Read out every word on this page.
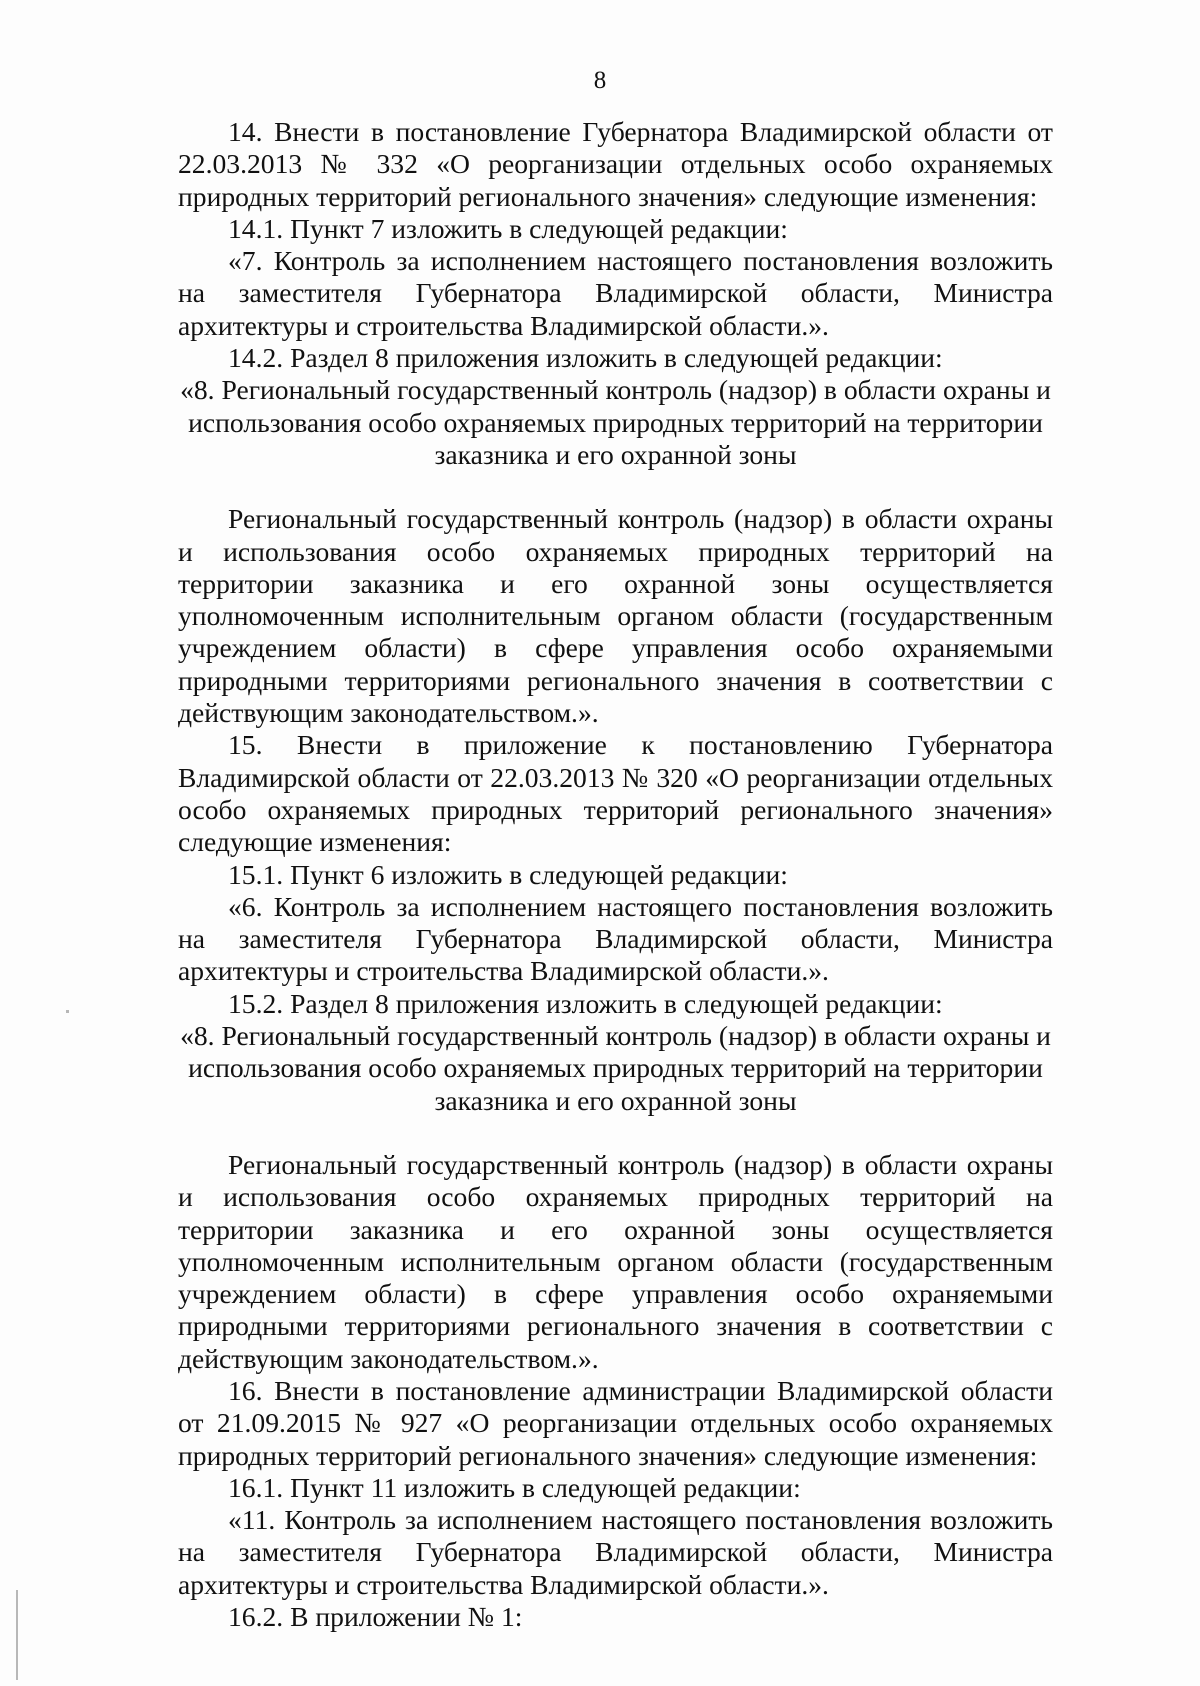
8

14. Внести в постановление Губернатора Владимирской области от 22.03.2013 № 332 «О реорганизации отдельных особо охраняемых природных территорий регионального значения» следующие изменения:

14.1. Пункт 7 изложить в следующей редакции:

«7. Контроль за исполнением настоящего постановления возложить на заместителя Губернатора Владимирской области, Министра архитектуры и строительства Владимирской области.».

14.2. Раздел 8 приложения изложить в следующей редакции:

«8. Региональный государственный контроль (надзор) в области охраны и использования особо охраняемых природных территорий на территории заказника и его охранной зоны

Региональный государственный контроль (надзор) в области охраны и использования особо охраняемых природных территорий на территории заказника и его охранной зоны осуществляется уполномоченным исполнительным органом области (государственным учреждением области) в сфере управления особо охраняемыми природными территориями регионального значения в соответствии с действующим законодательством.».

15. Внести в приложение к постановлению Губернатора Владимирской области от 22.03.2013 № 320 «О реорганизации отдельных особо охраняемых природных территорий регионального значения» следующие изменения:

15.1. Пункт 6 изложить в следующей редакции:

«6. Контроль за исполнением настоящего постановления возложить на заместителя Губернатора Владимирской области, Министра архитектуры и строительства Владимирской области.».

15.2. Раздел 8 приложения изложить в следующей редакции:

«8. Региональный государственный контроль (надзор) в области охраны и использования особо охраняемых природных территорий на территории заказника и его охранной зоны

Региональный государственный контроль (надзор) в области охраны и использования особо охраняемых природных территорий на территории заказника и его охранной зоны осуществляется уполномоченным исполнительным органом области (государственным учреждением области) в сфере управления особо охраняемыми природными территориями регионального значения в соответствии с действующим законодательством.».

16. Внести в постановление администрации Владимирской области от 21.09.2015 № 927 «О реорганизации отдельных особо охраняемых природных территорий регионального значения» следующие изменения:

16.1. Пункт 11 изложить в следующей редакции:

«11. Контроль за исполнением настоящего постановления возложить на заместителя Губернатора Владимирской области, Министра архитектуры и строительства Владимирской области.».

16.2. В приложении № 1:
